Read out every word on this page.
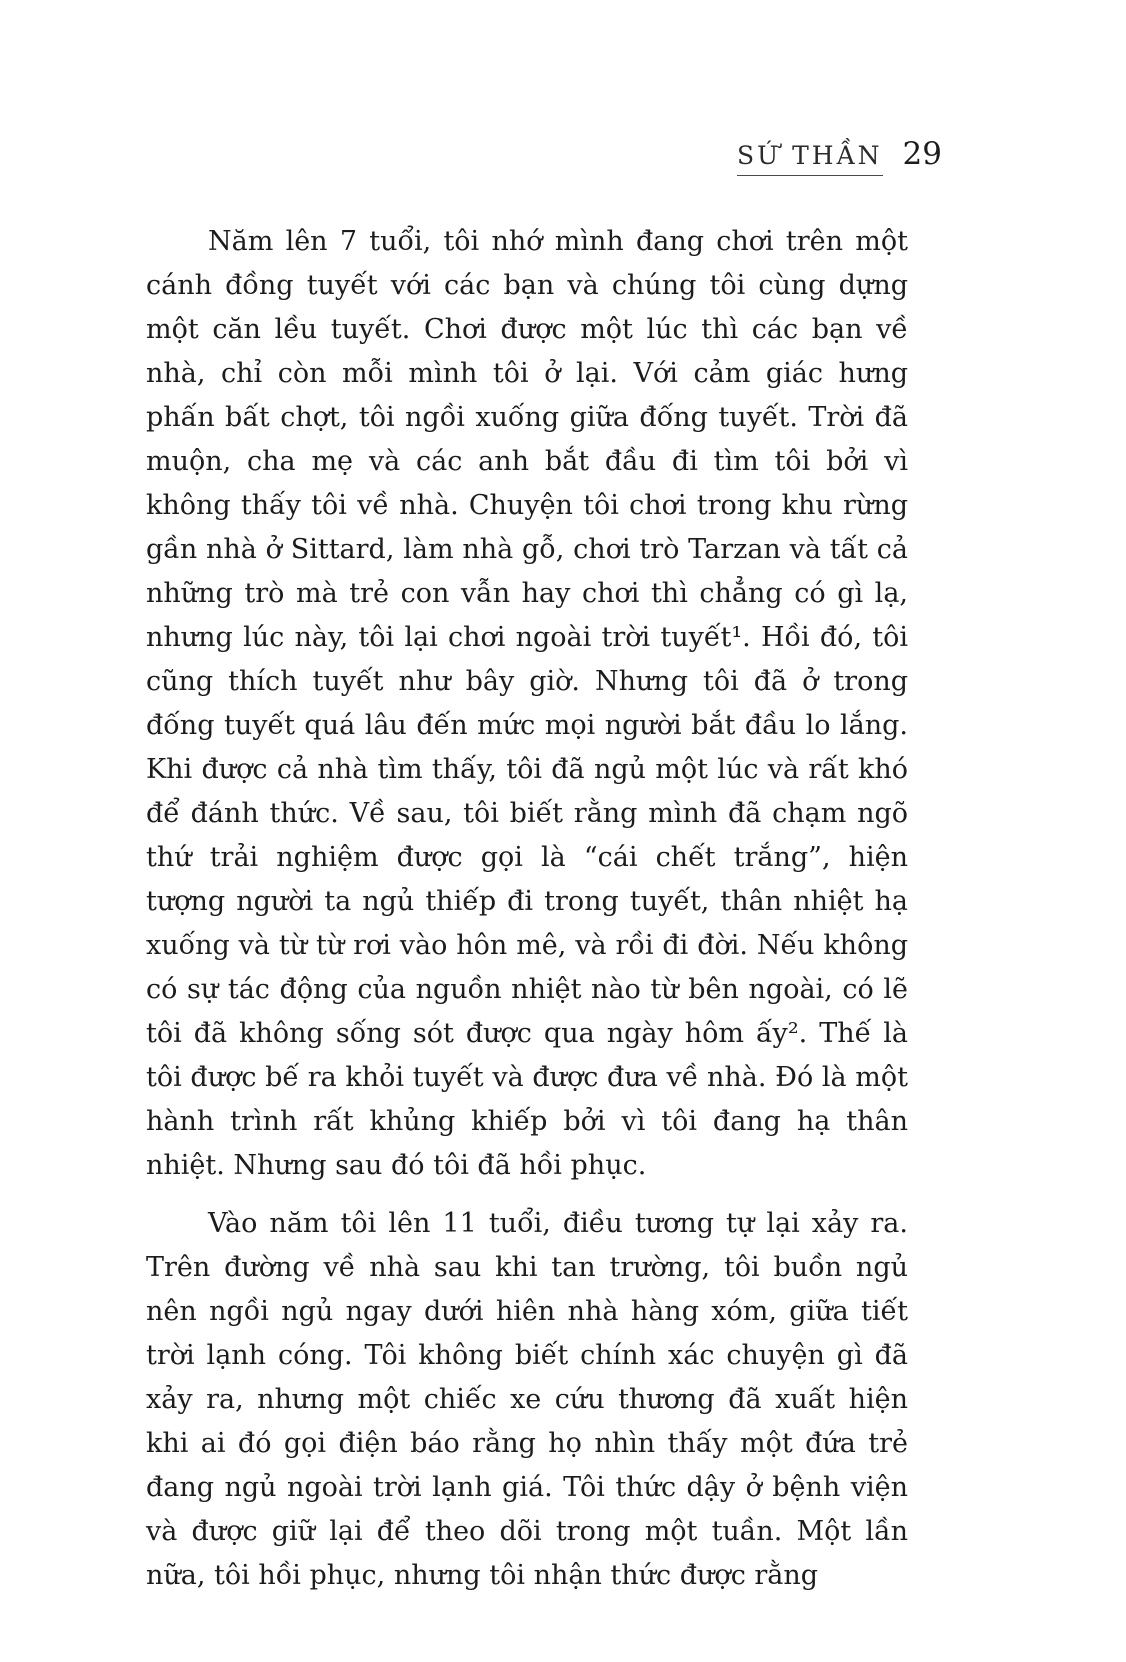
SỨ THẦN 29

Năm lên 7 tuổi, tôi nhớ mình đang chơi trên một cánh đồng tuyết với các bạn và chúng tôi cùng dựng một căn lều tuyết. Chơi được một lúc thì các bạn về nhà, chỉ còn mỗi mình tôi ở lại. Với cảm giác hưng phấn bất chợt, tôi ngồi xuống giữa đống tuyết. Trời đã muộn, cha mẹ và các anh bắt đầu đi tìm tôi bởi vì không thấy tôi về nhà. Chuyện tôi chơi trong khu rừng gần nhà ở Sittard, làm nhà gỗ, chơi trò Tarzan và tất cả những trò mà trẻ con vẫn hay chơi thì chẳng có gì lạ, nhưng lúc này, tôi lại chơi ngoài trời tuyết¹. Hồi đó, tôi cũng thích tuyết như bây giờ. Nhưng tôi đã ở trong đống tuyết quá lâu đến mức mọi người bắt đầu lo lắng. Khi được cả nhà tìm thấy, tôi đã ngủ một lúc và rất khó để đánh thức. Về sau, tôi biết rằng mình đã chạm ngõ thứ trải nghiệm được gọi là “cái chết trắng”, hiện tượng người ta ngủ thiếp đi trong tuyết, thân nhiệt hạ xuống và từ từ rơi vào hôn mê, và rồi đi đời. Nếu không có sự tác động của nguồn nhiệt nào từ bên ngoài, có lẽ tôi đã không sống sót được qua ngày hôm ấy². Thế là tôi được bế ra khỏi tuyết và được đưa về nhà. Đó là một hành trình rất khủng khiếp bởi vì tôi đang hạ thân nhiệt. Nhưng sau đó tôi đã hồi phục.

Vào năm tôi lên 11 tuổi, điều tương tự lại xảy ra. Trên đường về nhà sau khi tan trường, tôi buồn ngủ nên ngồi ngủ ngay dưới hiên nhà hàng xóm, giữa tiết trời lạnh cóng. Tôi không biết chính xác chuyện gì đã xảy ra, nhưng một chiếc xe cứu thương đã xuất hiện khi ai đó gọi điện báo rằng họ nhìn thấy một đứa trẻ đang ngủ ngoài trời lạnh giá. Tôi thức dậy ở bệnh viện và được giữ lại để theo dõi trong một tuần. Một lần nữa, tôi hồi phục, nhưng tôi nhận thức được rằng
